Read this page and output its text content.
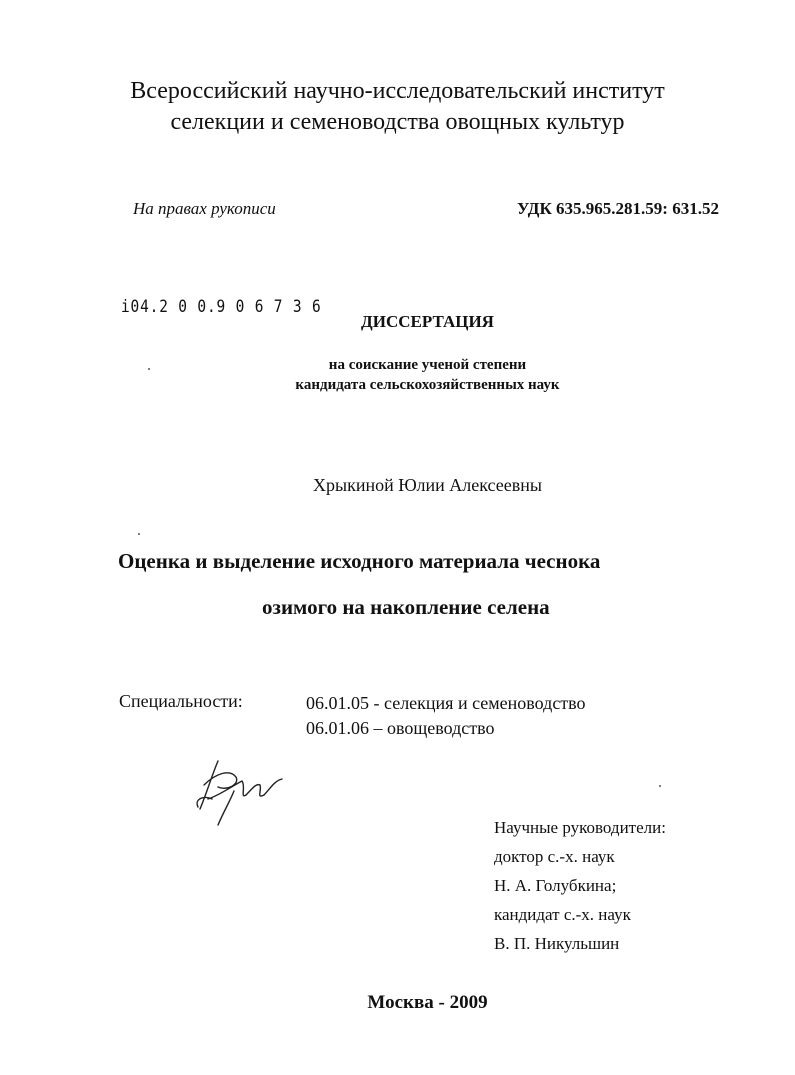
Всероссийский научно-исследовательский институт
селекции и семеноводства овощных культур
На правах рукописи	УДК 635.965.281.59: 631.52
i04.2 0 0.9 0 6 7 3 6
ДИССЕРТАЦИЯ
на соискание ученой степени
кандидата сельскохозяйственных наук
Хрыкиной Юлии Алексеевны
Оценка и выделение исходного материала чеснока
озимого на накопление селена
Специальности:	06.01.05 - селекция и семеноводство
06.01.06 – овощеводство
Научные руководители:
доктор с.-х. наук
Н. А. Голубкина;
кандидат с.-х. наук
В. П. Никульшин
Москва - 2009
